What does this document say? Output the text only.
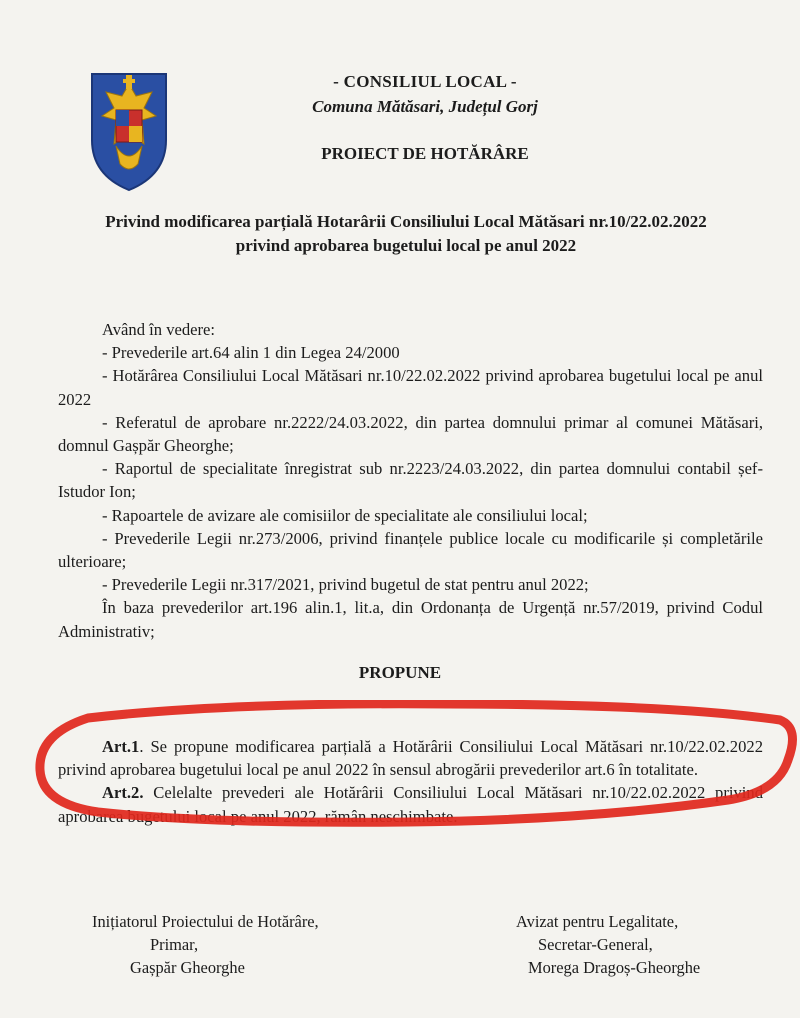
- CONSILIUL LOCAL -
Comuna Mătăsari, Județul Gorj
PROIECT DE HOTĂRÂRE
Privind modificarea parțială Hotarârii Consiliului Local Mătăsari nr.10/22.02.2022
privind aprobarea bugetului local pe anul 2022

Având în vedere:

- Prevederile art.64 alin 1 din Legea 24/2000

- Hotărârea Consiliului Local Mătăsari nr.10/22.02.2022 privind aprobarea bugetului local pe anul 2022

- Referatul de aprobare nr.2222/24.03.2022, din partea domnului primar al comunei Mătăsari, domnul Gașpăr Gheorghe;

- Raportul de specialitate înregistrat sub nr.2223/24.03.2022, din partea domnului contabil șef-Istudor Ion;

- Rapoartele de avizare ale comisiilor de specialitate ale consiliului local;

- Prevederile Legii nr.273/2006, privind finanțele publice locale cu modificarile și completările ulterioare;

- Prevederile Legii nr.317/2021, privind bugetul de stat pentru anul 2022;

În baza prevederilor art.196 alin.1, lit.a, din Ordonanța de Urgență nr.57/2019, privind Codul Administrativ;

PROPUNE

Art.1. Se propune modificarea parțială a Hotărârii Consiliului Local Mătăsari nr.10/22.02.2022 privind aprobarea bugetului local pe anul 2022 în sensul abrogării prevederilor art.6 în totalitate.

Art.2. Celelalte prevederi ale Hotărârii Consiliului Local Mătăsari nr.10/22.02.2022 privind aprobarea bugetului local pe anul 2022, rămân neschimbate.

Inițiatorul Proiectului de Hotărâre,
Primar,
Gașpăr Gheorghe
Avizat pentru Legalitate,
Secretar-General,
Morega Dragoș-Gheorghe
